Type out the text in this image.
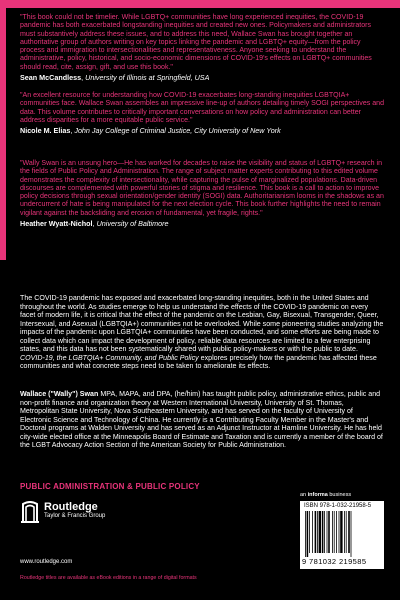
"This book could not be timelier. While LGBTQ+ communities have long experienced inequities, the COVID-19 pandemic has both exacerbated longstanding inequities and created new ones. Policymakers and administrators must substantively address these issues, and to address this need, Wallace Swan has brought together an authoritative group of authors writing on key topics linking the pandemic and LGBTQ+ equity—from the policy process and immigration to intersectionalities and representativeness. Anyone seeking to understand the administrative, policy, historical, and socio-economic dimensions of COVID-19's effects on LGBTQ+ communities should read, cite, assign, gift, and use this book."

Sean McCandless, University of Illinois at Springfield, USA

"An excellent resource for understanding how COVID-19 exacerbates long-standing inequities LGBTQIA+ communities face. Wallace Swan assembles an impressive line-up of authors detailing timely SOGI perspectives and data. This volume contributes to critically important conversations on how policy and administration can better address disparities for a more equitable public service."

Nicole M. Elias, John Jay College of Criminal Justice, City University of New York

"Wally Swan is an unsung hero—He has worked for decades to raise the visibility and status of LGBTQ+ research in the fields of Public Policy and Administration. The range of subject matter experts contributing to this edited volume demonstrates the complexity of intersectionality, while capturing the pulse of marginalized populations. Data-driven discourses are complemented with powerful stories of stigma and resilience. This book is a call to action to improve policy decisions through sexual orientation/gender identity (SOGI) data. Authoritarianism looms in the shadows as an undercurrent of hate is being manipulated for the next election cycle. This book further highlights the need to remain vigilant against the backsliding and erosion of fundamental, yet fragile, rights."

Heather Wyatt-Nichol, University of Baltimore
The COVID-19 pandemic has exposed and exacerbated long-standing inequities, both in the United States and throughout the world. As studies emerge to help us understand the effects of the COVID-19 pandemic on every facet of modern life, it is critical that the effect of the pandemic on the Lesbian, Gay, Bisexual, Transgender, Queer, Intersexual, and Asexual (LGBTQIA+) communities not be overlooked. While some pioneering studies analyzing the impacts of the pandemic upon LGBTQIA+ communities have been conducted, and some efforts are being made to collect data which can impact the development of policy, reliable data resources are limited to a few enterprising states, and this data has not been systematically shared with public policy-makers or with the public to date. COVID-19, the LGBTQIA+ Community, and Public Policy explores precisely how the pandemic has affected these communities and what concrete steps need to be taken to ameliorate its effects.
Wallace ("Wally") Swan MPA, MAPA, and DPA, (he/him) has taught public policy, administrative ethics, public and non-profit finance and organization theory at Western International University, University of St. Thomas, Metropolitan State University, Nova Southeastern University, and has served on the faculty of University of Electronic Science and Technology of China. He currently is a Contributing Faculty Member in the Master's and Doctoral programs at Walden University and has served as an Adjunct Instructor at Hamline University. He has held city-wide elected office at the Minneapolis Board of Estimate and Taxation and is currently a member of the board of the LGBT Advocacy Action Section of the American Society for Public Administration.
PUBLIC ADMINISTRATION & PUBLIC POLICY
Routledge
Taylor & Francis Group
www.routledge.com
Routledge titles are available as eBook editions in a range of digital formats
an informa business
ISBN 978-1-032-21958-5
9 781032 219585
